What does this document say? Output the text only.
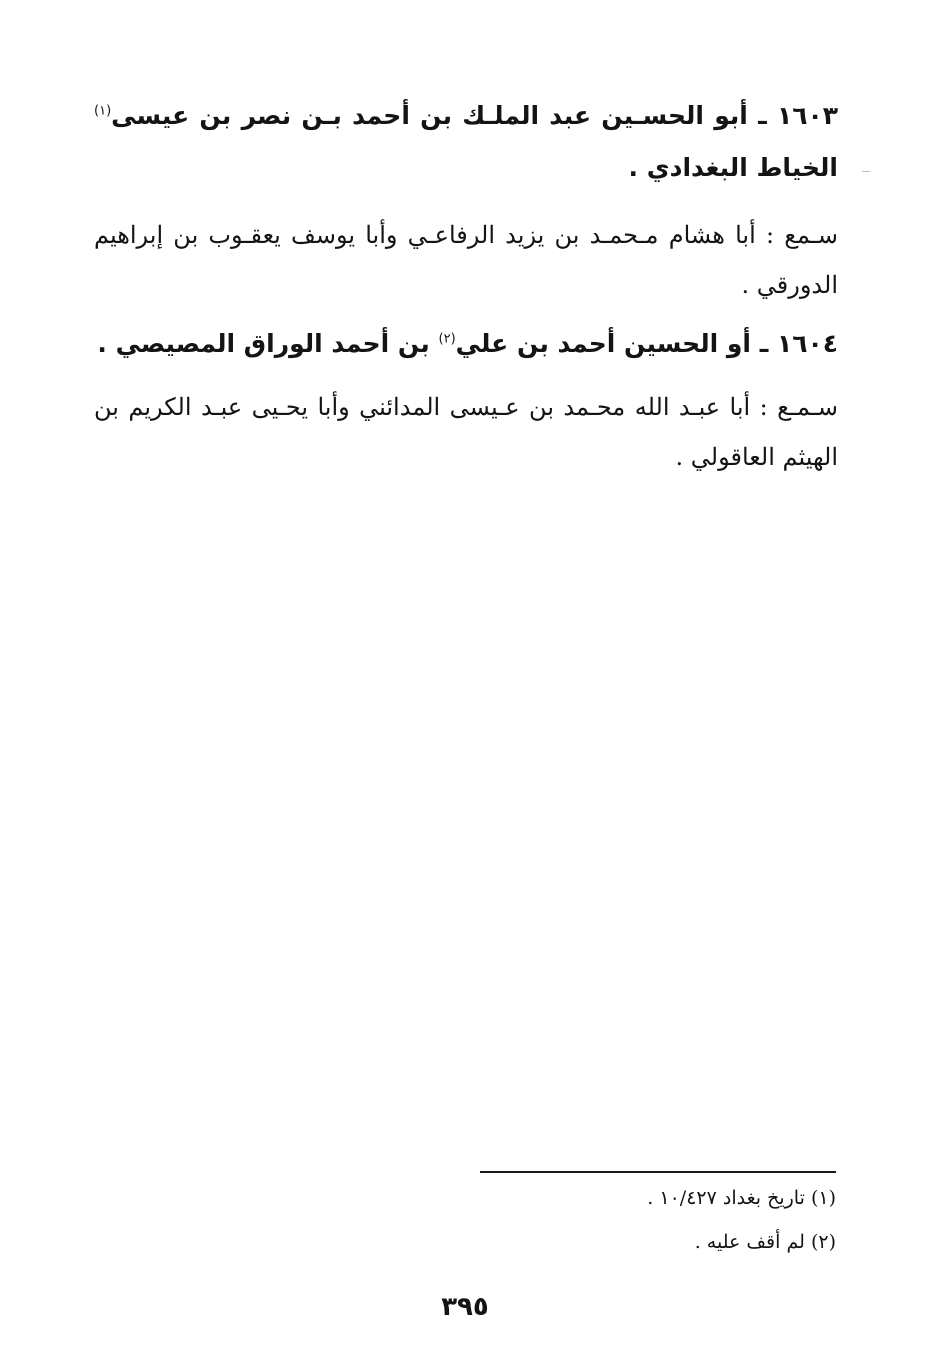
١٦٠٣ ـ أبو الحسـين عبد الملـك بن أحمد بـن نصر بن عيسى$^{(١)}$ الخياط البغدادي .
سـمع : أبا هشام مـحمـد بن يزيد الرفاعـي وأبا يوسف يعقـوب بن إبراهيم الدورقي .
١٦٠٤ ـ أو الحسين أحمد بن علي$^{(٢)}$ بن أحمد الوراق المصيصي .
سـمـع : أبا عبـد الله محـمد بن عـيسى المدائني وأبا يحـيى عبـد الكريم بن الهيثم العاقولي .
(١) تاريخ بغداد ١٠/٤٢٧ .
(٢) لم أقف عليه .
٣٩٥
